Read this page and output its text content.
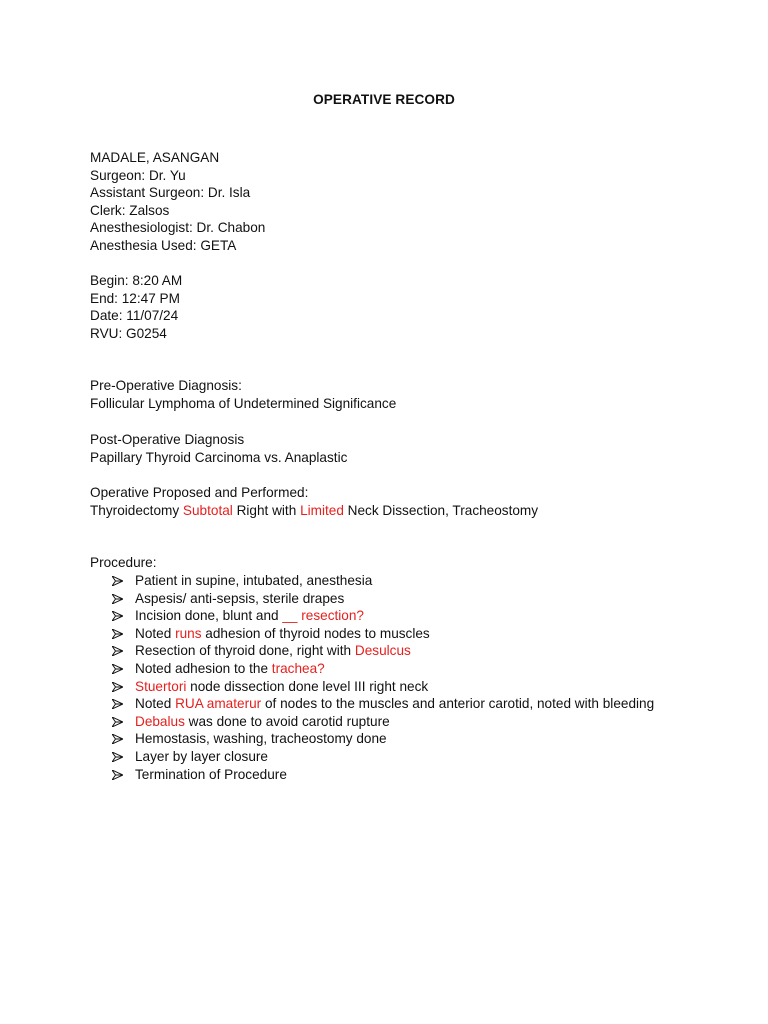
OPERATIVE RECORD
MADALE, ASANGAN
Surgeon: Dr. Yu
Assistant Surgeon: Dr. Isla
Clerk: Zalsos
Anesthesiologist: Dr. Chabon
Anesthesia Used: GETA
Begin: 8:20 AM
End: 12:47 PM
Date: 11/07/24
RVU: G0254
Pre-Operative Diagnosis:
Follicular Lymphoma of Undetermined Significance
Post-Operative Diagnosis
Papillary Thyroid Carcinoma vs. Anaplastic
Operative Proposed and Performed:
Thyroidectomy Subtotal Right with Limited Neck Dissection, Tracheostomy
Procedure:
Patient in supine, intubated, anesthesia
Aspesis/ anti-sepsis, sterile drapes
Incision done, blunt and __ resection?
Noted runs adhesion of thyroid nodes to muscles
Resection of thyroid done, right with Desulcus
Noted adhesion to the trachea?
Stuertori node dissection done level III right neck
Noted RUA amaterur of nodes to the muscles and anterior carotid, noted with bleeding
Debalus was done to avoid carotid rupture
Hemostasis, washing, tracheostomy done
Layer by layer closure
Termination of Procedure
